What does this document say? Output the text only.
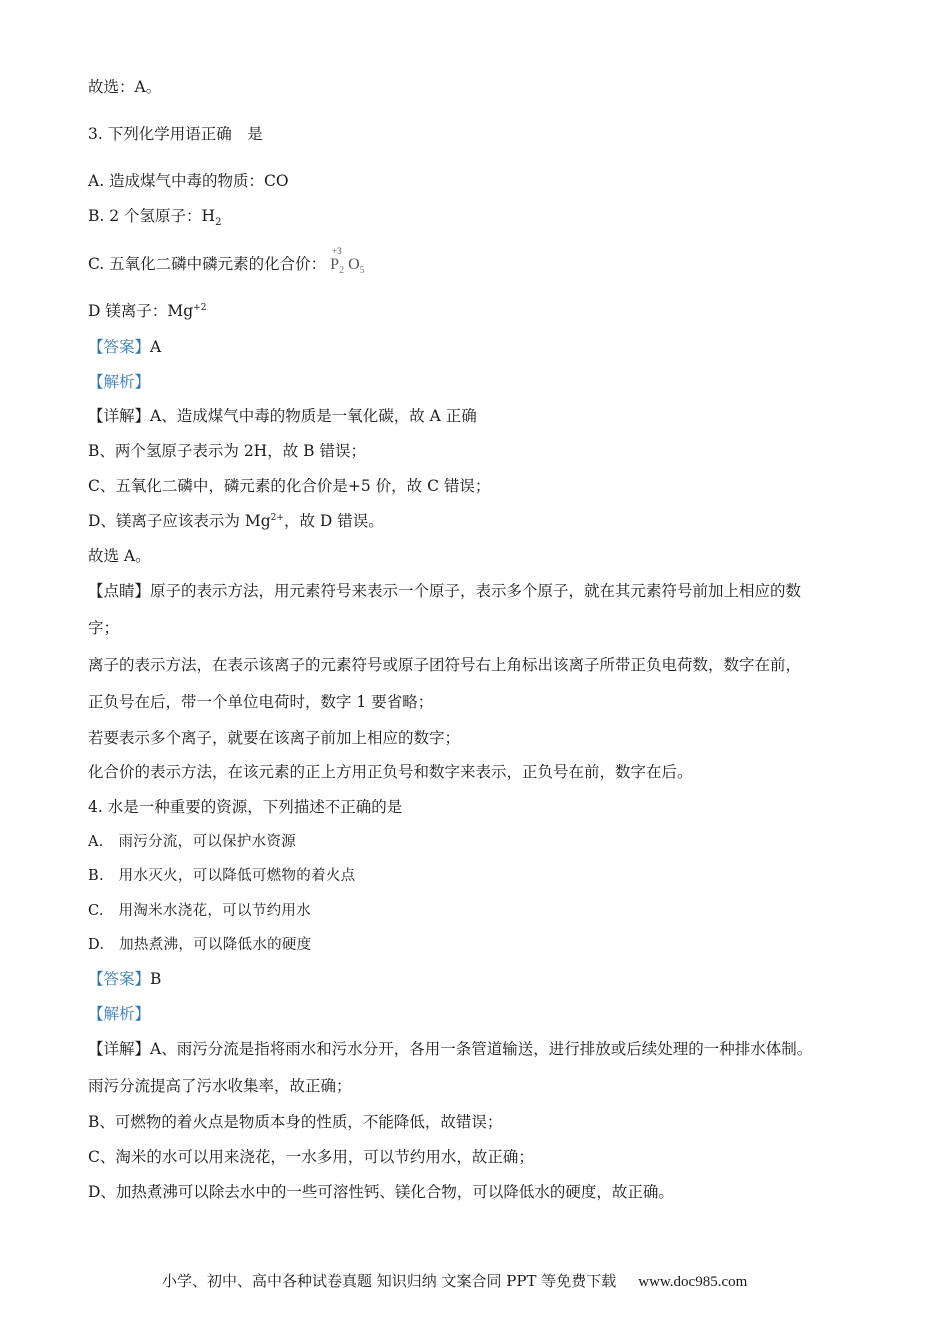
故选：A。
3. 下列化学用语正确　是
A. 造成煤气中毒的物质：CO
B. 2 个氢原子：$H_2$
C. 五氧化二磷中磷元素的化合价：
+3
$P_2$ $O_5$
D 镁离子：$Mg^{+2}$
【答案】A
【解析】
【详解】A、造成煤气中毒的物质是一氧化碳，故 A 正确
B、两个氢原子表示为 2H，故 B 错误；
C、五氧化二磷中，磷元素的化合价是+5 价，故 C 错误；
D、镁离子应该表示为 $Mg^{2+}$，故 D 错误。
故选 A。
【点睛】原子的表示方法，用元素符号来表示一个原子，表示多个原子，就在其元素符号前加上相应的数
字；
离子的表示方法，在表示该离子的元素符号或原子团符号右上角标出该离子所带正负电荷数，数字在前，
正负号在后，带一个单位电荷时，数字 1 要省略；
若要表示多个离子，就要在该离子前加上相应的数字；
化合价的表示方法，在该元素的正上方用正负号和数字来表示，正负号在前，数字在后。
4. 水是一种重要的资源，下列描述不正确的是
A.　雨污分流，可以保护水资源
B.　用水灭火，可以降低可燃物的着火点
C.　用淘米水浇花，可以节约用水
D.　加热煮沸，可以降低水的硬度
【答案】B
【解析】
【详解】A、雨污分流是指将雨水和污水分开，各用一条管道输送，进行排放或后续处理的一种排水体制。
雨污分流提高了污水收集率，故正确；
B、可燃物的着火点是物质本身的性质，不能降低，故错误；
C、淘米的水可以用来浇花，一水多用，可以节约用水，故正确；
D、加热煮沸可以除去水中的一些可溶性钙、镁化合物，可以降低水的硬度，故正确。
小学、初中、高中各种试卷真题 知识归纳 文案合同 PPT 等免费下载 www.doc985.com
